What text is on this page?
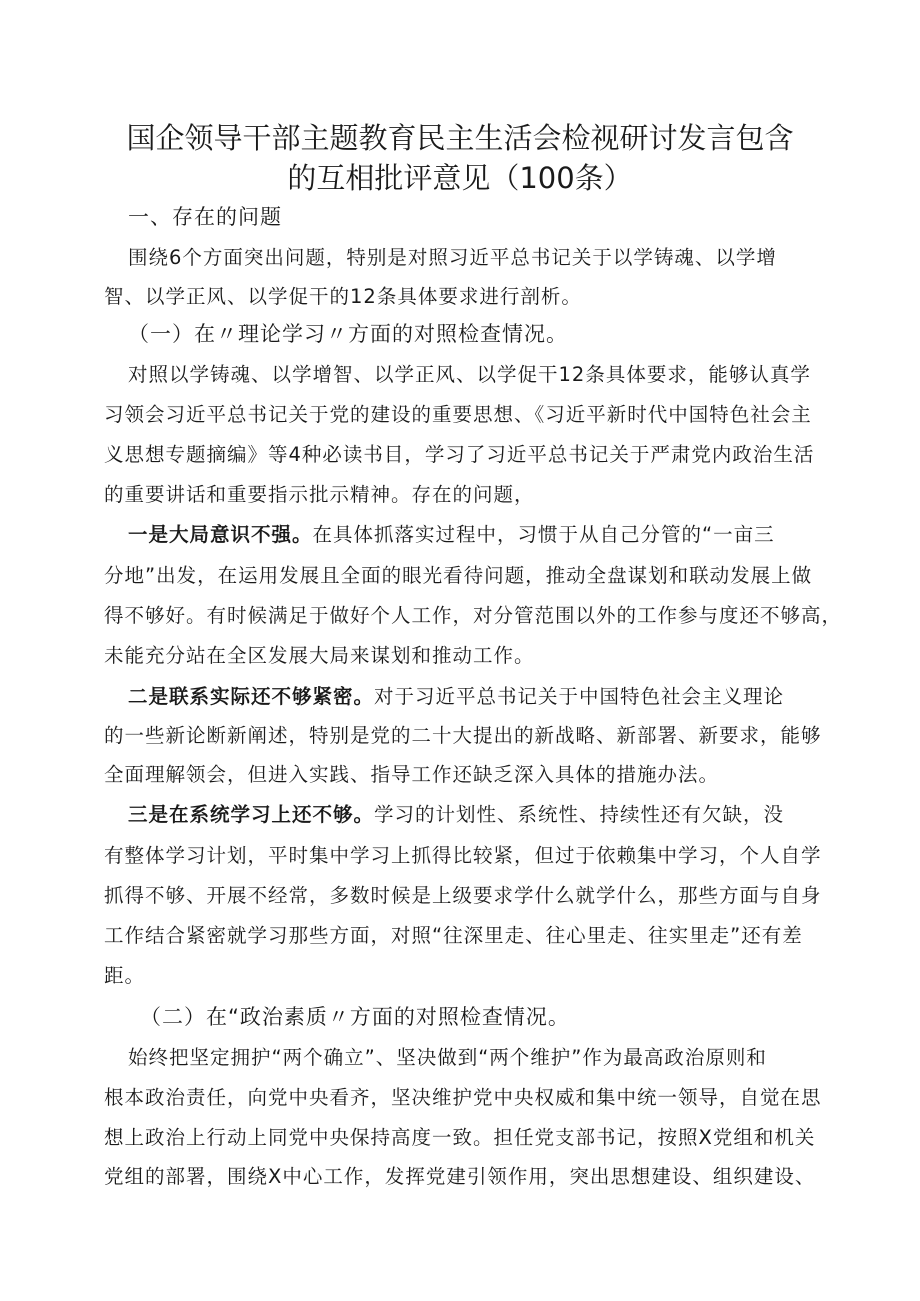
国企领导干部主题教育民主生活会检视研讨发言包含
的互相批评意见（100条）
一、存在的问题
围绕6个方面突出问题，特别是对照习近平总书记关于以学铸魂、以学增
智、以学正风、以学促干的12条具体要求进行剖析。
（一）在〃理论学习〃方面的对照检查情况。
对照以学铸魂、以学增智、以学正风、以学促干12条具体要求，能够认真学
习领会习近平总书记关于党的建设的重要思想、《习近平新时代中国特色社会主
义思想专题摘编》等4种必读书目，学习了习近平总书记关于严肃党内政治生活
的重要讲话和重要指示批示精神。存在的问题，
一是大局意识不强。在具体抓落实过程中，习惯于从自己分管的“一亩三
分地”出发，在运用发展且全面的眼光看待问题，推动全盘谋划和联动发展上做
得不够好。有时候满足于做好个人工作，对分管范围以外的工作参与度还不够高，
未能充分站在全区发展大局来谋划和推动工作。
二是联系实际还不够紧密。对于习近平总书记关于中国特色社会主义理论
的一些新论断新阐述，特别是党的二十大提出的新战略、新部署、新要求，能够
全面理解领会，但进入实践、指导工作还缺乏深入具体的措施办法。
三是在系统学习上还不够。学习的计划性、系统性、持续性还有欠缺，没
有整体学习计划，平时集中学习上抓得比较紧，但过于依赖集中学习，个人自学
抓得不够、开展不经常，多数时候是上级要求学什么就学什么，那些方面与自身
工作结合紧密就学习那些方面，对照“往深里走、往心里走、往实里走”还有差
距。
（二）在“政治素质〃方面的对照检查情况。
始终把坚定拥护“两个确立”、坚决做到“两个维护”作为最高政治原则和
根本政治责任，向党中央看齐，坚决维护党中央权威和集中统一领导，自觉在思
想上政治上行动上同党中央保持高度一致。担任党支部书记，按照X党组和机关
党组的部署，围绕X中心工作，发挥党建引领作用，突出思想建设、组织建设、
